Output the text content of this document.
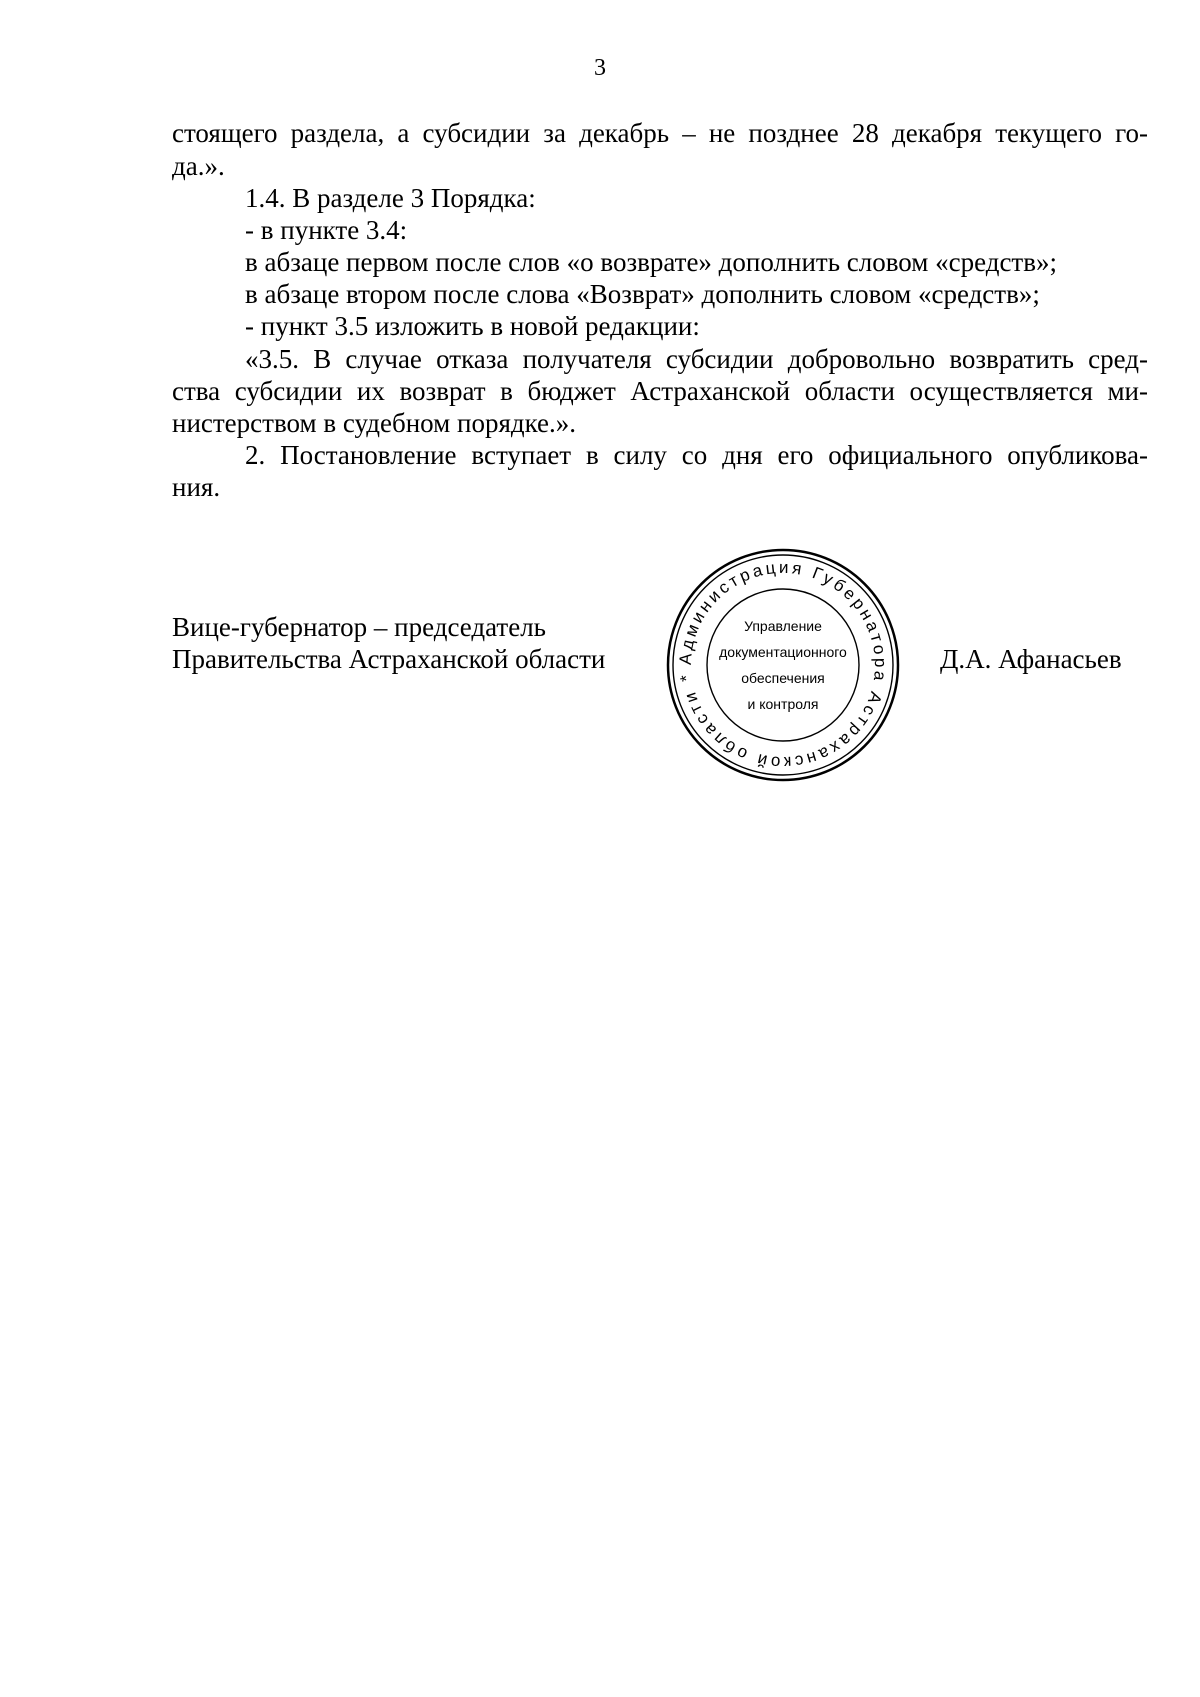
3
стоящего раздела, а субсидии за декабрь – не позднее 28 декабря текущего го-
да.».
1.4. В разделе 3 Порядка:
- в пункте 3.4:
в абзаце первом после слов «о возврате» дополнить словом «средств»;
в абзаце втором после слова «Возврат» дополнить словом «средств»;
- пункт 3.5 изложить в новой редакции:
«3.5. В случае отказа получателя субсидии добровольно возвратить сред-
ства субсидии их возврат в бюджет Астраханской области осуществляется ми-
нистерством в судебном порядке.».
2. Постановление вступает в силу со дня его официального опубликова-
ния.
Вице-губернатор – председатель
Правительства Астраханской области	Д.А. Афанасьев
Администрация Губернатора Астраханской области *
Управление
документационного
обеспечения
и контроля
